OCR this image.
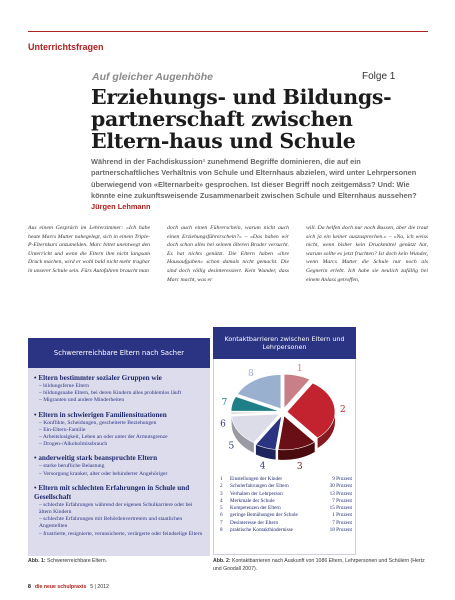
Unterrichtsfragen
Auf gleicher Augenhöhe	Folge 1
Erziehungs- und Bildungs-partnerschaft zwischen Eltern-haus und Schule
Während in der Fachdiskussion¹ zunehmend Begriffe dominieren, die auf ein partnerschaftliches Verhältnis von Schule und Elternhaus abzielen, wird unter Lehrpersonen überwiegend von «Elternarbeit» gesprochen. Ist dieser Begriff noch zeitgemäss? Und: Wie könnte eine zukunftsweisende Zusammenarbeit zwischen Schule und Elternhaus aussehen? Jürgen Lehmann
Aus einem Gespräch im Lehrerzimmer: «Ich habe heute Marcs Mutter nahegelegt, sich in einem Triple-P-Elternkurs anzumelden. Marc bittet unentwegt den Unterricht und wenn die Eltern ihm nicht langsam Druck machen, wird er wohl bald nicht mehr tragbar in unserer Schule sein. Fürs Autofahren braucht man
doch auch einen Führerschein, warum nicht auch einen Erziehungsführerschein?» – «Das haben wir doch schon alles bei seinem älteren Bruder versucht. Es hat nichts genützt. Die Eltern haben «ihre Hausaufgaben» schon damals nicht gemacht. Die sind doch völlig desinteressiert. Kein Wunder, dass Marc macht, was er
will. Da helfen doch nur noch Bussen, aber die traut sich ja ein keiner auszusprechen.» – «Na, ich weiss nicht, wenn bisher kein Druckmittel genützt hat, warum sollte es jetzt fruchten? Ist doch kein Wunder, wenn Marcs Mutter die Schule nur noch als Gegnerin erlebt. Ich habe sie neulich zufällig bei einem Anlass getroffen,
Schwererreichbare Eltern nach Sacher
• Eltern bestimmter sozialer Gruppen wie
– bildungsferne Eltern
– bildungsnahe Eltern, bei deren Kindern alles problemlos läuft
– Migranten und andere Minderheiten
• Eltern in schwierigen Familiensituationen
– Konflikte, Scheidungen, gescheiterte Beziehungen
– Ein-Eltern-Familie
– Arbeitslosigkeit, Leben an oder unter der Armutsgrenze
– Drogen-/Alkoholmissbrauch
• anderweitig stark beanspruchte Eltern
– starke berufliche Belastung
– Versorgung kranker, alter oder behinderter Angehöriger
• Eltern mit schlechten Erfahrungen in Schule und Gesellschaft
– schlechte Erfahrungen während der eigenen Schulkarriere oder bei ältern Kindern
– schlechte Erfahrungen mit Behördenvertretern und staatlichen Angestellten
– frustrierte, resignierte, verunsicherte, verärgerte oder feindselige Eltern
Kontaktbarrieren zwischen Eltern und Lehrpersonen
1
2
3
4
5
6
7
8
1	Einstellungen der Kinder	9 Prozent
2	Schulerfahrungen der Eltern	30 Prozent
3	Verhalten der Lehrperson	13 Prozent
4	Merkmale der Schule	7 Prozent
5	Kompetenzen der Eltern	15 Prozent
6	geringe Bemühungen der Schule	1 Prozent
7	Desinteresse der Eltern	7 Prozent
8	praktische Kontakthindernisse	18 Prozent
Abb. 1: Schwererreichbare Eltern.	Abb. 2: Kontaktbarrieren nach Auskunft von 1086 Eltern, Lehrpersonen und Schülern (Hertz und Goodall 2007).
8 die neue schulpraxis 5 | 2012
